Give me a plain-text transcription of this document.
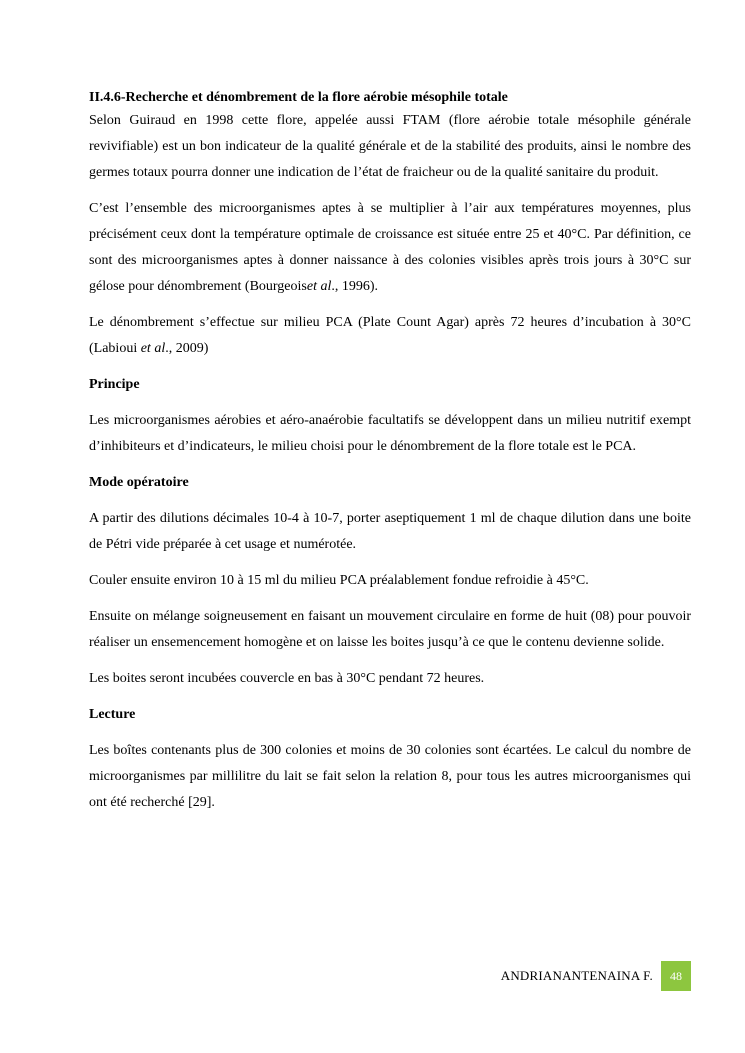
II.4.6-Recherche et dénombrement de la flore aérobie mésophile totale

Selon Guiraud en 1998 cette flore, appelée aussi FTAM (flore aérobie totale mésophile générale revivifiable) est un bon indicateur de la qualité générale et de la stabilité des produits, ainsi le nombre des germes totaux pourra donner une indication de l’état de fraicheur ou de la qualité sanitaire du produit.

C’est l’ensemble des microorganismes aptes à se multiplier à l’air aux températures moyennes, plus précisément ceux dont la température optimale de croissance est située entre 25 et 40°C. Par définition, ce sont des microorganismes aptes à donner naissance à des colonies visibles après trois jours à 30°C sur gélose pour dénombrement (Bourgeoiset al., 1996).

Le dénombrement s’effectue sur milieu PCA (Plate Count Agar) après 72 heures d’incubation à 30°C (Labioui et al., 2009)

Principe

Les microorganismes aérobies et aéro-anaérobie facultatifs se développent dans un milieu nutritif exempt d’inhibiteurs et d’indicateurs, le milieu choisi pour le dénombrement de la flore totale est le PCA.

Mode opératoire

A partir des dilutions décimales 10-4 à 10-7, porter aseptiquement 1 ml de chaque dilution dans une boite de Pétri vide préparée à cet usage et numérotée.

Couler ensuite environ 10 à 15 ml du milieu PCA préalablement fondue refroidie à 45°C.

Ensuite on mélange soigneusement en faisant un mouvement circulaire en forme de huit (08) pour pouvoir réaliser un ensemencement homogène et on laisse les boites jusqu’à ce que le contenu devienne solide.

Les boites seront incubées couvercle en bas à 30°C pendant 72 heures.

Lecture

Les boîtes contenants plus de 300 colonies et moins de 30 colonies sont écartées. Le calcul du nombre de microorganismes par millilitre du lait se fait selon la relation 8, pour tous les autres microorganismes qui ont été recherché [29].

ANDRIANANTENAINA F.	48
